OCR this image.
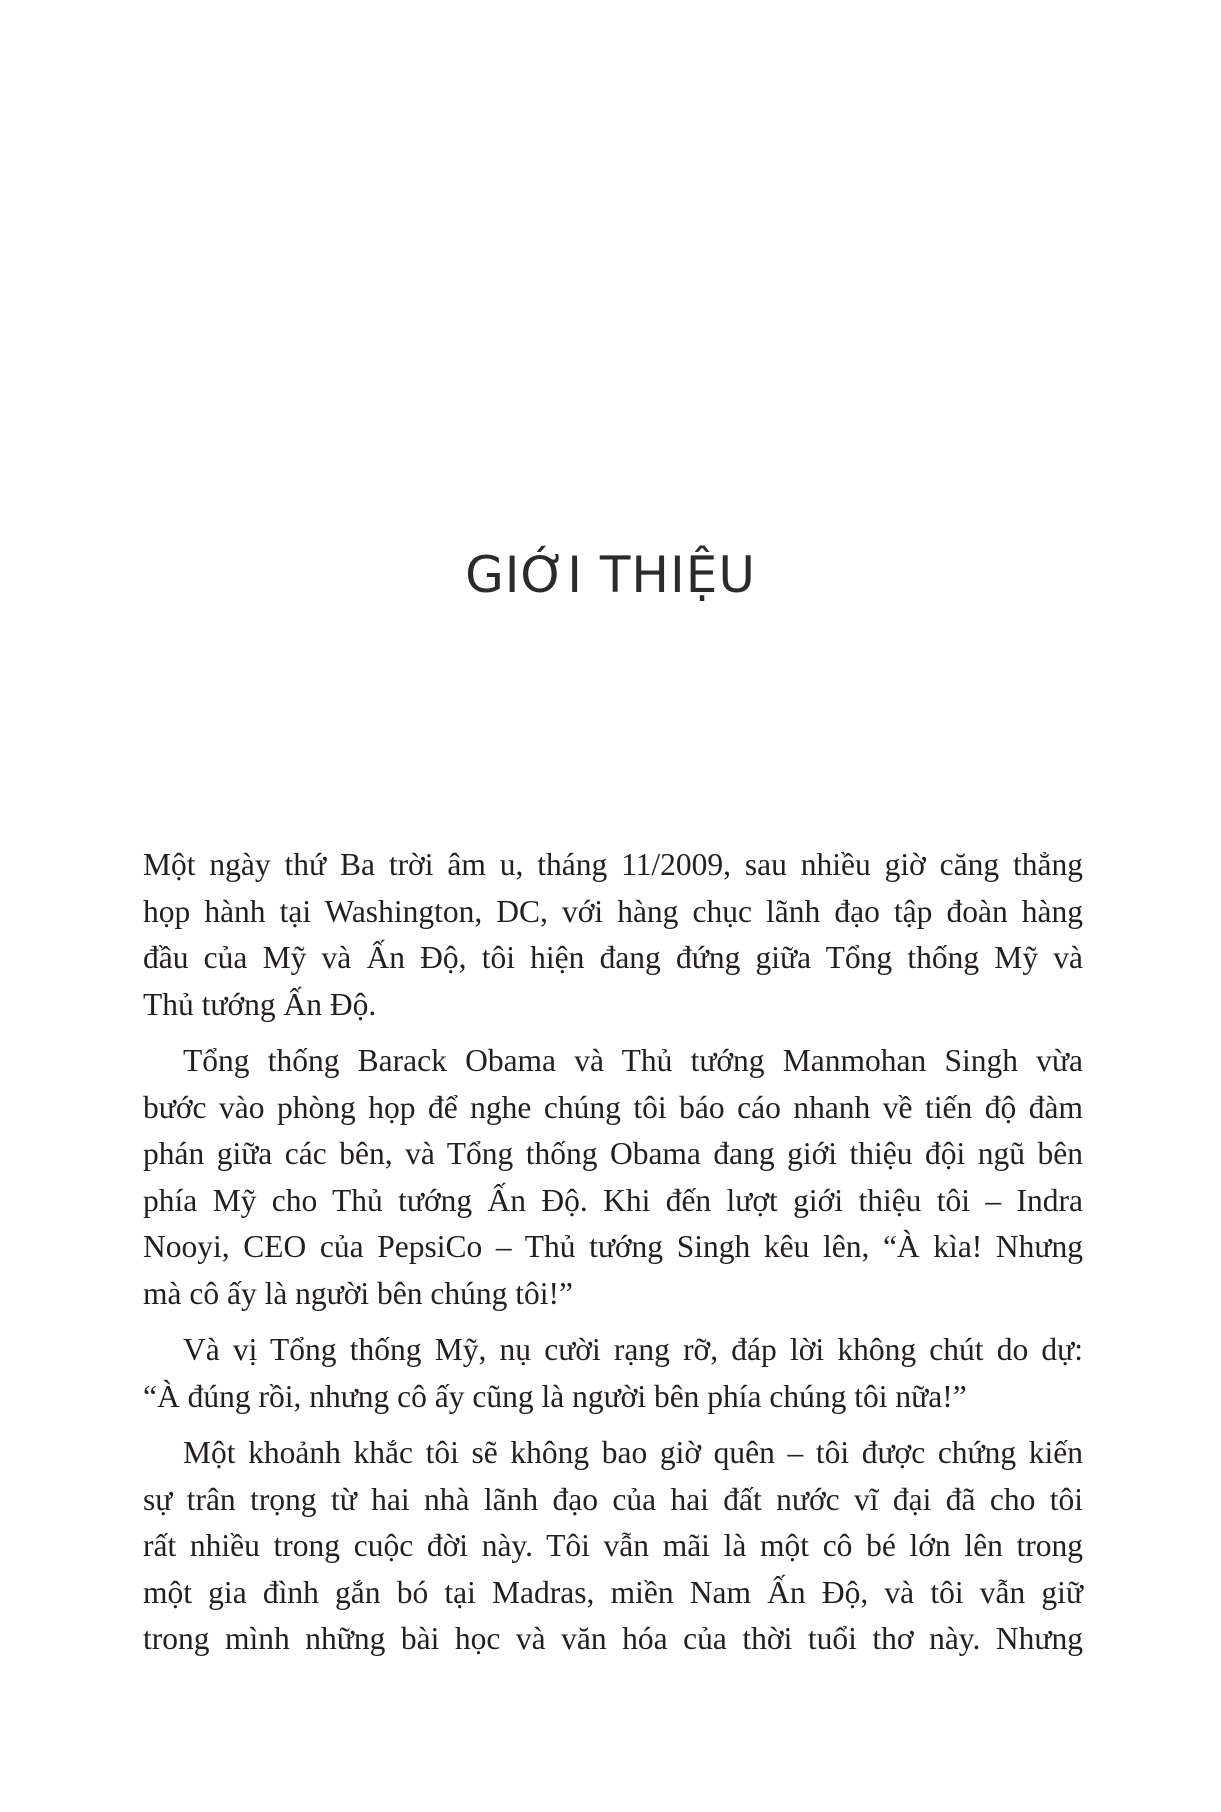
GIỚI THIỆU

Một ngày thứ Ba trời âm u, tháng 11/2009, sau nhiều giờ căng thẳng
họp hành tại Washington, DC, với hàng chục lãnh đạo tập đoàn hàng
đầu của Mỹ và Ấn Độ, tôi hiện đang đứng giữa Tổng thống Mỹ và
Thủ tướng Ấn Độ.

Tổng thống Barack Obama và Thủ tướng Manmohan Singh vừa
bước vào phòng họp để nghe chúng tôi báo cáo nhanh về tiến độ đàm
phán giữa các bên, và Tổng thống Obama đang giới thiệu đội ngũ bên
phía Mỹ cho Thủ tướng Ấn Độ. Khi đến lượt giới thiệu tôi – Indra
Nooyi, CEO của PepsiCo – Thủ tướng Singh kêu lên, “À kìa! Nhưng
mà cô ấy là người bên chúng tôi!”

Và vị Tổng thống Mỹ, nụ cười rạng rỡ, đáp lời không chút do dự:
“À đúng rồi, nhưng cô ấy cũng là người bên phía chúng tôi nữa!”

Một khoảnh khắc tôi sẽ không bao giờ quên – tôi được chứng kiến
sự trân trọng từ hai nhà lãnh đạo của hai đất nước vĩ đại đã cho tôi
rất nhiều trong cuộc đời này. Tôi vẫn mãi là một cô bé lớn lên trong
một gia đình gắn bó tại Madras, miền Nam Ấn Độ, và tôi vẫn giữ
trong mình những bài học và văn hóa của thời tuổi thơ này. Nhưng
